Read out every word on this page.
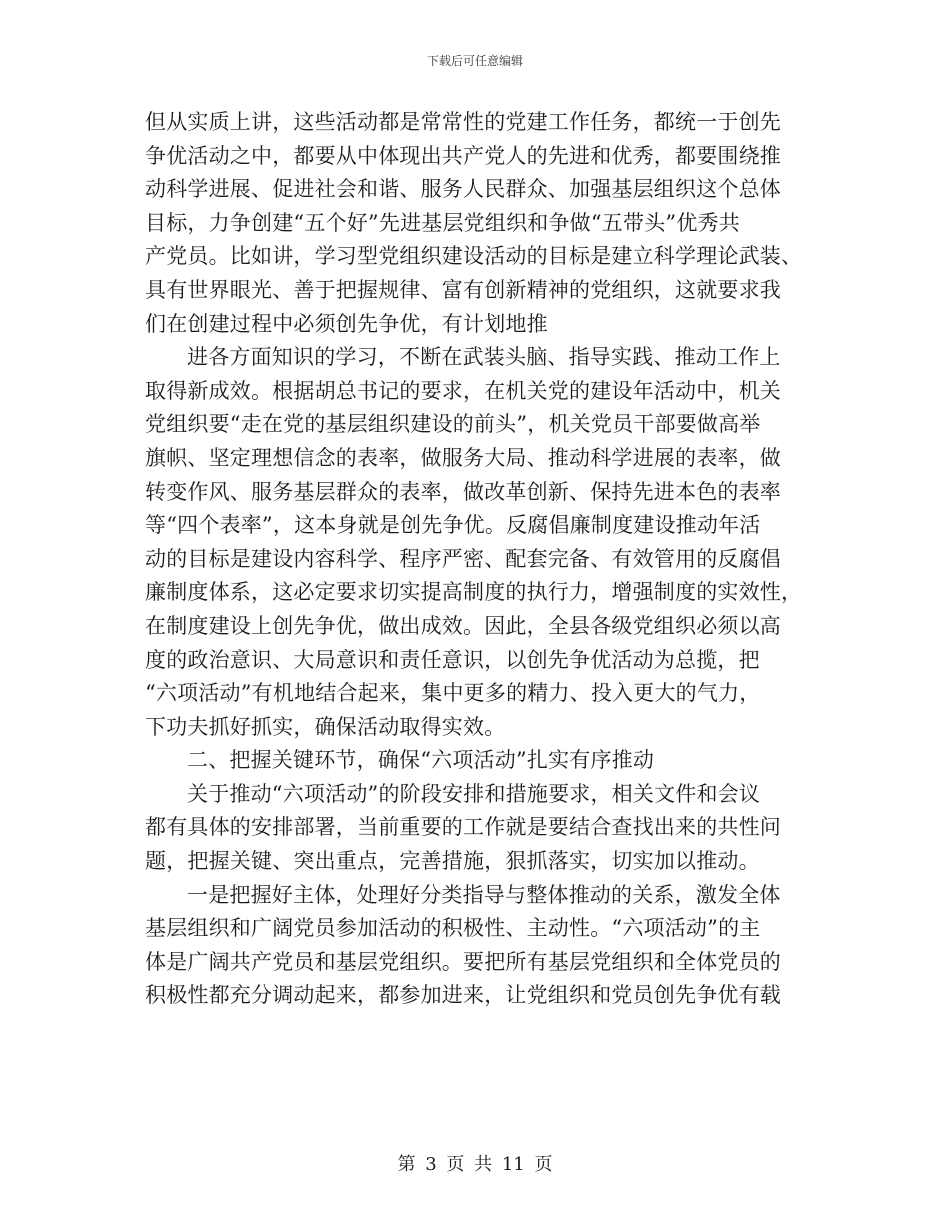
下载后可任意编辑
但从实质上讲，这些活动都是常常性的党建工作任务，都统一于创先
争优活动之中，都要从中体现出共产党人的先进和优秀，都要围绕推
动科学进展、促进社会和谐、服务人民群众、加强基层组织这个总体
目标，力争创建“五个好”先进基层党组织和争做“五带头”优秀共
产党员。比如讲，学习型党组织建设活动的目标是建立科学理论武装、
具有世界眼光、善于把握规律、富有创新精神的党组织，这就要求我
们在创建过程中必须创先争优，有计划地推
进各方面知识的学习，不断在武装头脑、指导实践、推动工作上
取得新成效。根据胡总书记的要求，在机关党的建设年活动中，机关
党组织要“走在党的基层组织建设的前头”，机关党员干部要做高举
旗帜、坚定理想信念的表率，做服务大局、推动科学进展的表率，做
转变作风、服务基层群众的表率，做改革创新、保持先进本色的表率
等“四个表率”，这本身就是创先争优。反腐倡廉制度建设推动年活
动的目标是建设内容科学、程序严密、配套完备、有效管用的反腐倡
廉制度体系，这必定要求切实提高制度的执行力，增强制度的实效性，
在制度建设上创先争优，做出成效。因此，全县各级党组织必须以高
度的政治意识、大局意识和责任意识，以创先争优活动为总揽，把
“六项活动”有机地结合起来，集中更多的精力、投入更大的气力，
下功夫抓好抓实，确保活动取得实效。
二、把握关键环节，确保“六项活动”扎实有序推动
关于推动“六项活动”的阶段安排和措施要求，相关文件和会议
都有具体的安排部署，当前重要的工作就是要结合查找出来的共性问
题，把握关键、突出重点，完善措施，狠抓落实，切实加以推动。
一是把握好主体，处理好分类指导与整体推动的关系，激发全体
基层组织和广阔党员参加活动的积极性、主动性。“六项活动”的主
体是广阔共产党员和基层党组织。要把所有基层党组织和全体党员的
积极性都充分调动起来，都参加进来，让党组织和党员创先争优有载
第 3 页 共 11 页
